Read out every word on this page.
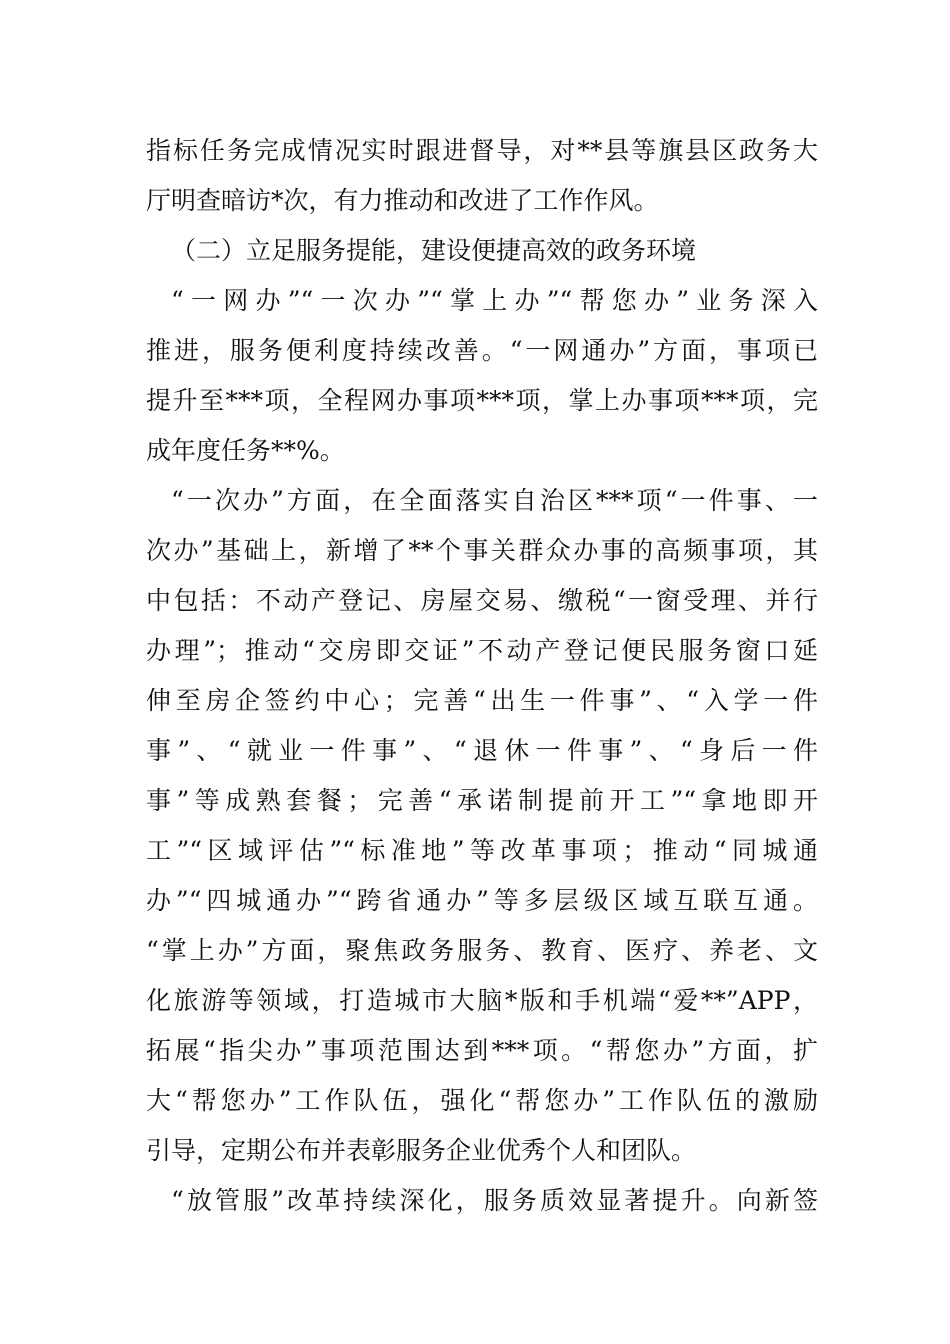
指标任务完成情况实时跟进督导，对**县等旗县区政务大
厅明查暗访*次，有力推动和改进了工作作风。
（二）立足服务提能，建设便捷高效的政务环境
“一网办”“一次办”“掌上办”“帮您办”业务深入
推进，服务便利度持续改善。“一网通办”方面，事项已
提升至***项，全程网办事项***项，掌上办事项***项，完
成年度任务**%。
“一次办”方面，在全面落实自治区***项“一件事、一
次办”基础上，新增了**个事关群众办事的高频事项，其
中包括：不动产登记、房屋交易、缴税“一窗受理、并行
办理”；推动“交房即交证”不动产登记便民服务窗口延
伸至房企签约中心；完善“出生一件事”、“入学一件
事”、“就业一件事”、“退休一件事”、“身后一件
事”等成熟套餐；完善“承诺制提前开工”“拿地即开
工”“区域评估”“标准地”等改革事项；推动“同城通
办”“四城通办”“跨省通办”等多层级区域互联互通。
“掌上办”方面，聚焦政务服务、教育、医疗、养老、文
化旅游等领域，打造城市大脑*版和手机端“爱**”APP，
拓展“指尖办”事项范围达到***项。“帮您办”方面，扩
大“帮您办”工作队伍，强化“帮您办”工作队伍的激励
引导，定期公布并表彰服务企业优秀个人和团队。
“放管服”改革持续深化，服务质效显著提升。向新签
